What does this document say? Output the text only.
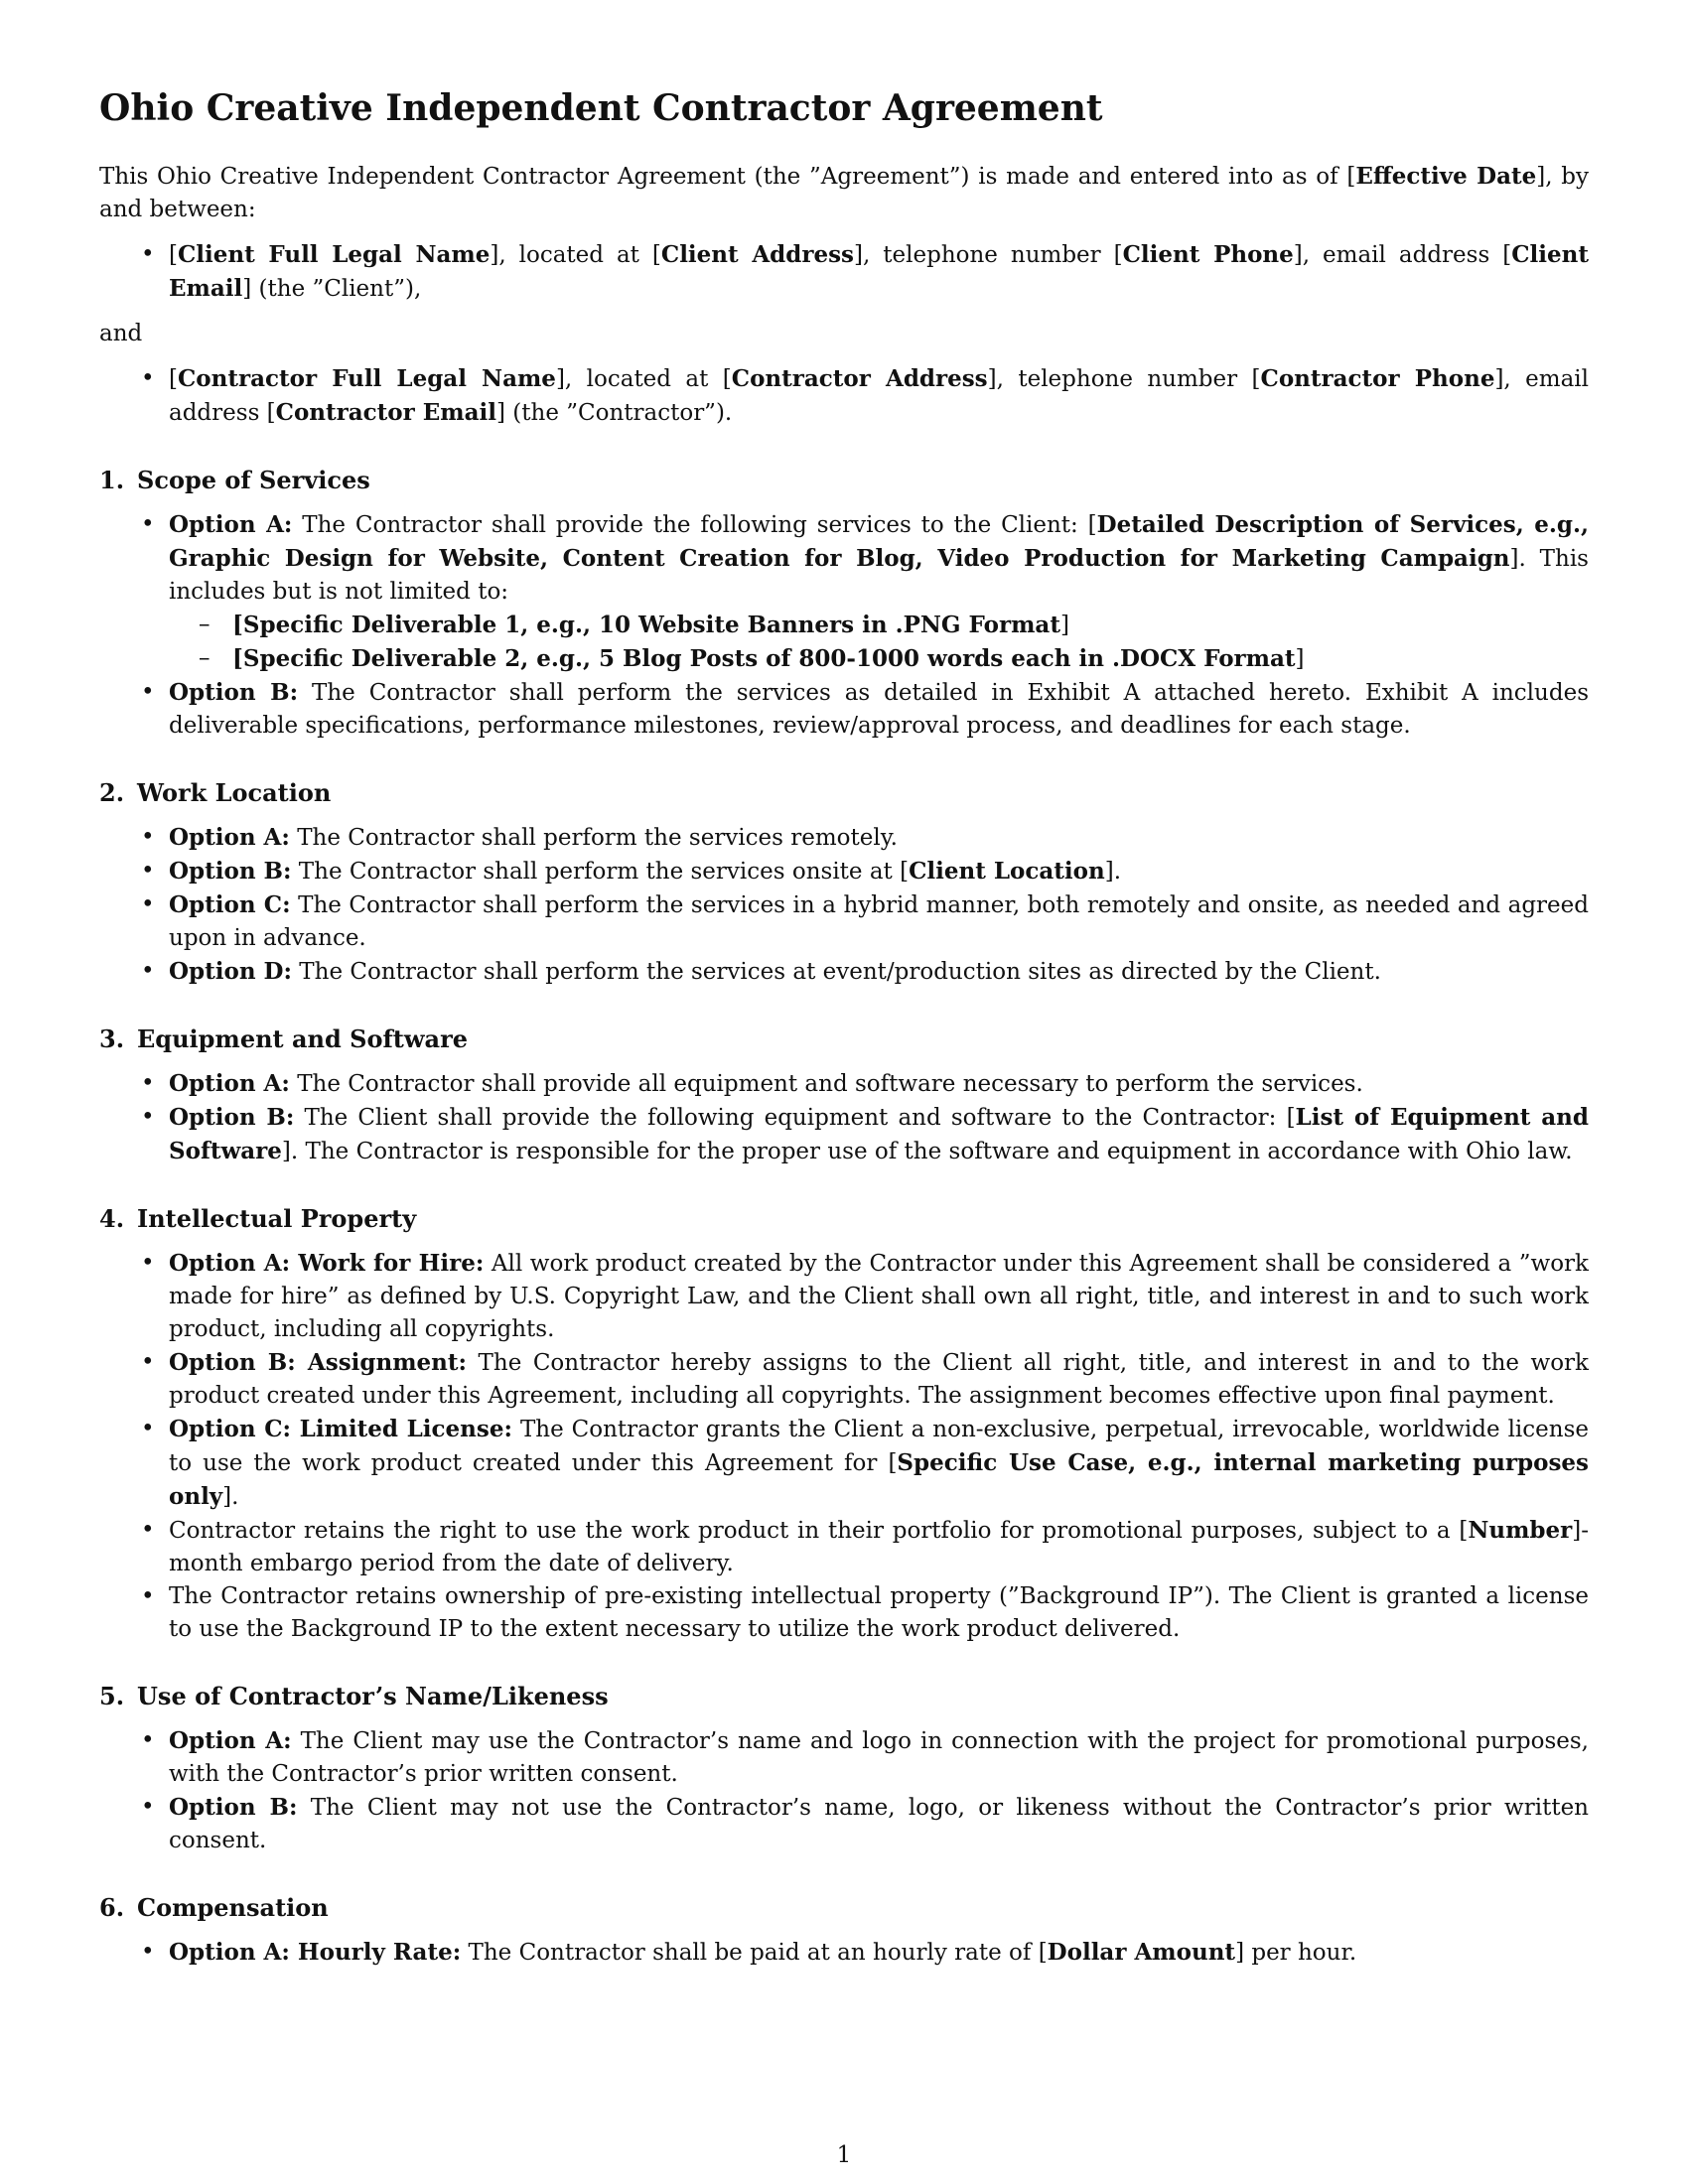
Ohio Creative Independent Contractor Agreement

This Ohio Creative Independent Contractor Agreement (the ”Agreement”) is made and entered into as of [Effective Date], by and between:

• [Client Full Legal Name], located at [Client Address], telephone number [Client Phone], email address [Client Email] (the ”Client”),

and

• [Contractor Full Legal Name], located at [Contractor Address], telephone number [Contractor Phone], email address [Contractor Email] (the ”Contractor”).
1. Scope of Services
• Option A: The Contractor shall provide the following services to the Client: [Detailed Description of Services, e.g., Graphic Design for Website, Content Creation for Blog, Video Production for Marketing Campaign]. This includes but is not limited to:
– [Specific Deliverable 1, e.g., 10 Website Banners in .PNG Format]
– [Specific Deliverable 2, e.g., 5 Blog Posts of 800-1000 words each in .DOCX Format]
• Option B: The Contractor shall perform the services as detailed in Exhibit A attached hereto. Exhibit A includes deliverable specifications, performance milestones, review/approval process, and deadlines for each stage.
2. Work Location
• Option A: The Contractor shall perform the services remotely.
• Option B: The Contractor shall perform the services onsite at [Client Location].
• Option C: The Contractor shall perform the services in a hybrid manner, both remotely and onsite, as needed and agreed upon in advance.
• Option D: The Contractor shall perform the services at event/production sites as directed by the Client.
3. Equipment and Software
• Option A: The Contractor shall provide all equipment and software necessary to perform the services.
• Option B: The Client shall provide the following equipment and software to the Contractor: [List of Equipment and Software]. The Contractor is responsible for the proper use of the software and equipment in accordance with Ohio law.
4. Intellectual Property
• Option A: Work for Hire: All work product created by the Contractor under this Agreement shall be considered a ”work made for hire” as defined by U.S. Copyright Law, and the Client shall own all right, title, and interest in and to such work product, including all copyrights.
• Option B: Assignment: The Contractor hereby assigns to the Client all right, title, and interest in and to the work product created under this Agreement, including all copyrights. The assignment becomes effective upon final payment.
• Option C: Limited License: The Contractor grants the Client a non-exclusive, perpetual, irrevocable, worldwide license to use the work product created under this Agreement for [Specific Use Case, e.g., internal marketing purposes only].
• Contractor retains the right to use the work product in their portfolio for promotional purposes, subject to a [Number]-month embargo period from the date of delivery.
• The Contractor retains ownership of pre-existing intellectual property (”Background IP”). The Client is granted a license to use the Background IP to the extent necessary to utilize the work product delivered.
5. Use of Contractor’s Name/Likeness
• Option A: The Client may use the Contractor’s name and logo in connection with the project for promotional purposes, with the Contractor’s prior written consent.
• Option B: The Client may not use the Contractor’s name, logo, or likeness without the Contractor’s prior written consent.
6. Compensation
• Option A: Hourly Rate: The Contractor shall be paid at an hourly rate of [Dollar Amount] per hour.
1
